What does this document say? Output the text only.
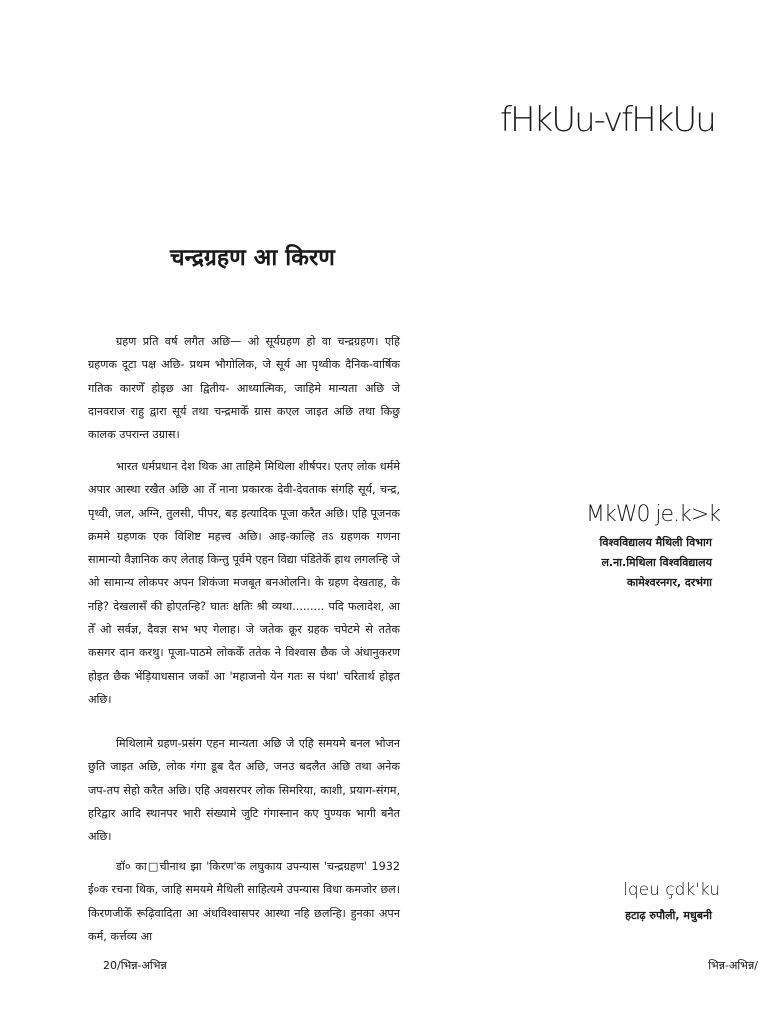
fHkUu-vfHkUu
चन्द्रग्रहण आ किरण

ग्रहण प्रति वर्ष लगैत अछि— ओ सूर्यग्रहण हो वा चन्द्रग्रहण। एहि ग्रहणक दूटा पक्ष अछि- प्रथम भौगोलिक, जे सूर्य आ पृथ्वीक दैनिक-वार्षिक गतिक कारणेँ होइछ आ द्वितीय- आध्यात्मिक, जाहिमे मान्यता अछि जे दानवराज राहु द्वारा सूर्य तथा चन्द्रमाकेँ ग्रास कएल जाइत अछि तथा किछु कालक उपरान्त उग्रास।

भारत धर्मप्रधान देश थिक आ ताहिमे मिथिला शीर्षपर। एतए लोक धर्ममे अपार आस्था रखैत अछि आ तेँ नाना प्रकारक देवी-देवताक संगहि सूर्य, चन्द्र, पृथ्वी, जल, अग्नि, तुलसी, पीपर, बड़ इत्यादिक पूजा करैत अछि। एहि पूजनक क्रममे ग्रहणक एक विशिष्ट महत्त्व अछि। आइ-काल्हि तऽ ग्रहणक गणना सामान्यो वैज्ञानिक कए लेताह किन्तु पूर्वमे एहन विद्या पंडितेकेँ हाथ लगलन्हि जे ओ सामान्य लोकपर अपन शिकंजा मजबूत बनओलनि। के ग्रहण देखताह, के नहि? देखलासँ की होएतन्हि? घातः क्षतिः श्री व्यथा......... पदि फलादेश, आ तेँ ओ सर्वज्ञ, दैवज्ञ सभ भए गेलाह। जे जतेक क्रूर ग्रहक चपेटमे से ततेक कसगर दान करथु। पूजा-पाठमे लोककेँ ततेक ने विश्वास छैक जे अंधानुकरण होइत छैक भेंड़ियाधसान जकाँ आ 'महाजनो येन गतः स पंथा' चरितार्थ होइत अछि।

मिथिलामे ग्रहण-प्रसंग एहन मान्यता अछि जे एहि समयमे बनल भोजन छुति जाइत अछि, लोक गंगा डूब दैत अछि, जनउ बदलैत अछि तथा अनेक जप-तप सेहो करैत अछि। एहि अवसरपर लोक सिमरिया, काशी, प्रयाग-संगम, हरिद्वार आदि स्थानपर भारी संख्यामे जुटि गंगास्नान कए पुण्यक भागी बनैत अछि।

डॉ० का□चीनाथ झा 'किरण'क लघुकाय उपन्यास 'चन्द्रग्रहण' 1932 ई०क रचना थिक, जाहि समयमे मैथिली साहित्यमे उपन्यास विधा कमजोर छल। किरणजीकेँ रूढ़िवादिता आ अंधविश्वासपर आस्था नहि छलन्हि। हुनका अपन कर्म, कर्त्तव्य आ

MkW0 je.k>k
विश्वविद्यालय मैथिली विभाग
ल.ना.मिथिला विश्वविद्यालय
कामेश्वरनगर, दरभंगा
lqeu çdk'ku
हटाढ़ रुपौली, मधुबनी
20/भिन्न-अभिन्न	भिन्न-अभिन्न/
